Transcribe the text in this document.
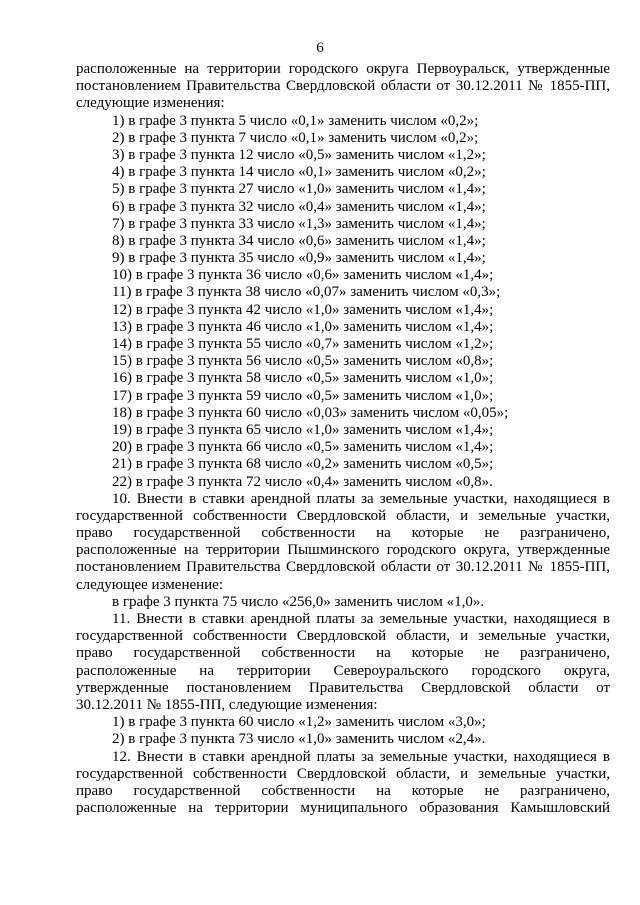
6
расположенные на территории городского округа Первоуральск, утвержденные
постановлением Правительства Свердловской области от 30.12.2011 № 1855-ПП,
следующие изменения:
1) в графе 3 пункта 5 число «0,1» заменить числом «0,2»;
2) в графе 3 пункта 7 число «0,1» заменить числом «0,2»;
3) в графе 3 пункта 12 число «0,5» заменить числом «1,2»;
4) в графе 3 пункта 14 число «0,1» заменить числом «0,2»;
5) в графе 3 пункта 27 число «1,0» заменить числом «1,4»;
6) в графе 3 пункта 32 число «0,4» заменить числом «1,4»;
7) в графе 3 пункта 33 число «1,3» заменить числом «1,4»;
8) в графе 3 пункта 34 число «0,6» заменить числом «1,4»;
9) в графе 3 пункта 35 число «0,9» заменить числом «1,4»;
10) в графе 3 пункта 36 число «0,6» заменить числом «1,4»;
11) в графе 3 пункта 38 число «0,07» заменить числом «0,3»;
12) в графе 3 пункта 42 число «1,0» заменить числом «1,4»;
13) в графе 3 пункта 46 число «1,0» заменить числом «1,4»;
14) в графе 3 пункта 55 число «0,7» заменить числом «1,2»;
15) в графе 3 пункта 56 число «0,5» заменить числом «0,8»;
16) в графе 3 пункта 58 число «0,5» заменить числом «1,0»;
17) в графе 3 пункта 59 число «0,5» заменить числом «1,0»;
18) в графе 3 пункта 60 число «0,03» заменить числом «0,05»;
19) в графе 3 пункта 65 число «1,0» заменить числом «1,4»;
20) в графе 3 пункта 66 число «0,5» заменить числом «1,4»;
21) в графе 3 пункта 68 число «0,2» заменить числом «0,5»;
22) в графе 3 пункта 72 число «0,4» заменить числом «0,8».
10. Внести в ставки арендной платы за земельные участки, находящиеся в
государственной собственности Свердловской области, и земельные участки,
право государственной собственности на которые не разграничено,
расположенные на территории Пышминского городского округа, утвержденные
постановлением Правительства Свердловской области от 30.12.2011 № 1855-ПП,
следующее изменение:
в графе 3 пункта 75 число «256,0» заменить числом «1,0».
11. Внести в ставки арендной платы за земельные участки, находящиеся в
государственной собственности Свердловской области, и земельные участки,
право государственной собственности на которые не разграничено,
расположенные на территории Североуральского городского округа,
утвержденные постановлением Правительства Свердловской области от
30.12.2011 № 1855-ПП, следующие изменения:
1) в графе 3 пункта 60 число «1,2» заменить числом «3,0»;
2) в графе 3 пункта 73 число «1,0» заменить числом «2,4».
12. Внести в ставки арендной платы за земельные участки, находящиеся в
государственной собственности Свердловской области, и земельные участки,
право государственной собственности на которые не разграничено,
расположенные на территории муниципального образования Камышловский
